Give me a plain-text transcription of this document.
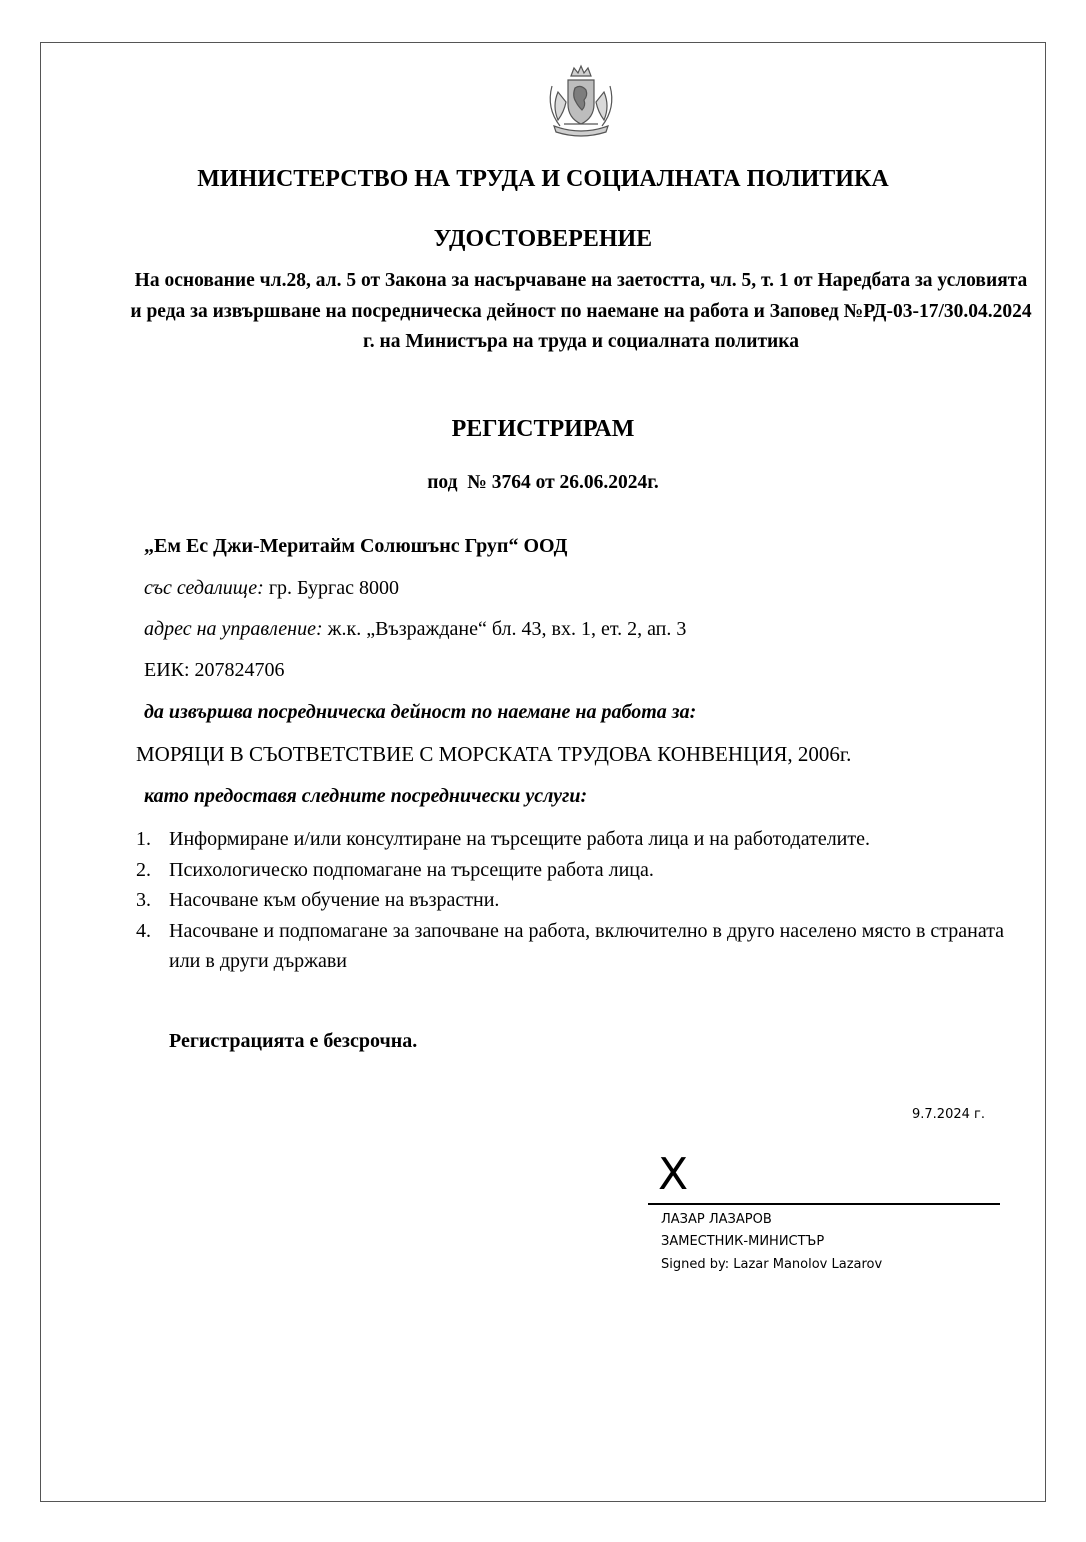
МИНИСТЕРСТВО НА ТРУДА И СОЦИАЛНАТА ПОЛИТИКА
УДОСТОВЕРЕНИЕ
На основание чл.28, ал. 5 от Закона за насърчаване на заетостта, чл. 5, т. 1 от Наредбата за условията и реда за извършване на посредническа дейност по наемане на работа и Заповед №РД-03-17/30.04.2024 г. на Министъра на труда и социалната политика
РЕГИСТРИРАМ
под  № 3764 от 26.06.2024г.
„Ем Ес Джи-Меритайм Солюшънс Груп“ ООД
със седалище: гр. Бургас 8000
адрес на управление: ж.к. „Възраждане“ бл. 43, вх. 1, ет. 2, ап. 3
ЕИК: 207824706
да извършва посредническа дейност по наемане на работа за:
МОРЯЦИ В СЪОТВЕТСТВИЕ С МОРСКАТА ТРУДОВА КОНВЕНЦИЯ, 2006г.
като предоставя следните посреднически услуги:
1. Информиране и/или консултиране на търсещите работа лица и на работодателите.
2. Психологическо подпомагане на търсещите работа лица.
3. Насочване към обучение на възрастни.
4. Насочване и подпомагане за започване на работа, включително в друго населено място в страната или в други държави
Регистрацията е безсрочна.
9.7.2024 г.
X
ЛАЗАР ЛАЗАРОВ
ЗАМЕСТНИК-МИНИСТЪР
Signed by: Lazar Manolov Lazarov
